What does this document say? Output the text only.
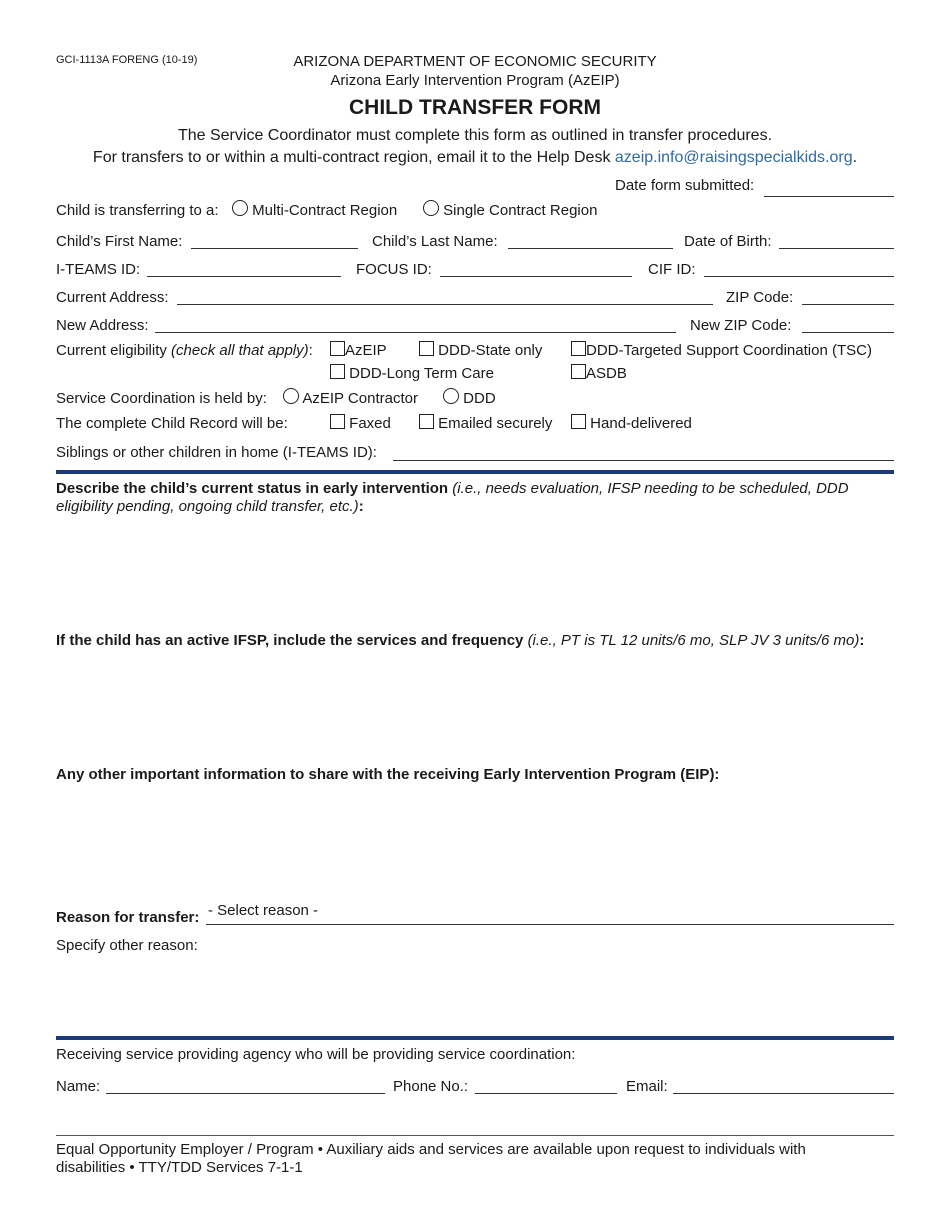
GCI-1113A FORENG (10-19)	ARIZONA DEPARTMENT OF ECONOMIC SECURITY
Arizona Early Intervention Program (AzEIP)
CHILD TRANSFER FORM
The Service Coordinator must complete this form as outlined in transfer procedures.
For transfers to or within a multi-contract region, email it to the Help Desk azeip.info@raisingspecialkids.org.
Date form submitted:
Child is transferring to a:	Multi-Contract Region	Single Contract Region
Child’s First Name:	Child’s Last Name:	Date of Birth:
I-TEAMS ID:	FOCUS ID:	CIF ID:
Current Address:	ZIP Code:
New Address:	New ZIP Code:
Current eligibility (check all that apply):	AzEIP	DDD-State only	DDD-Targeted Support Coordination (TSC)
DDD-Long Term Care	ASDB
Service Coordination is held by:	AzEIP Contractor	DDD
The complete Child Record will be:	Faxed	Emailed securely	Hand-delivered
Siblings or other children in home (I-TEAMS ID):
Describe the child’s current status in early intervention (i.e., needs evaluation, IFSP needing to be scheduled, DDD
eligibility pending, ongoing child transfer, etc.):
If the child has an active IFSP, include the services and frequency (i.e., PT is TL 12 units/6 mo, SLP JV 3 units/6 mo):
Any other important information to share with the receiving Early Intervention Program (EIP):
Reason for transfer: - Select reason -
Specify other reason:
Receiving service providing agency who will be providing service coordination:
Name:	Phone No.:	Email:
Equal Opportunity Employer / Program • Auxiliary aids and services are available upon request to individuals with
disabilities • TTY/TDD Services 7-1-1
